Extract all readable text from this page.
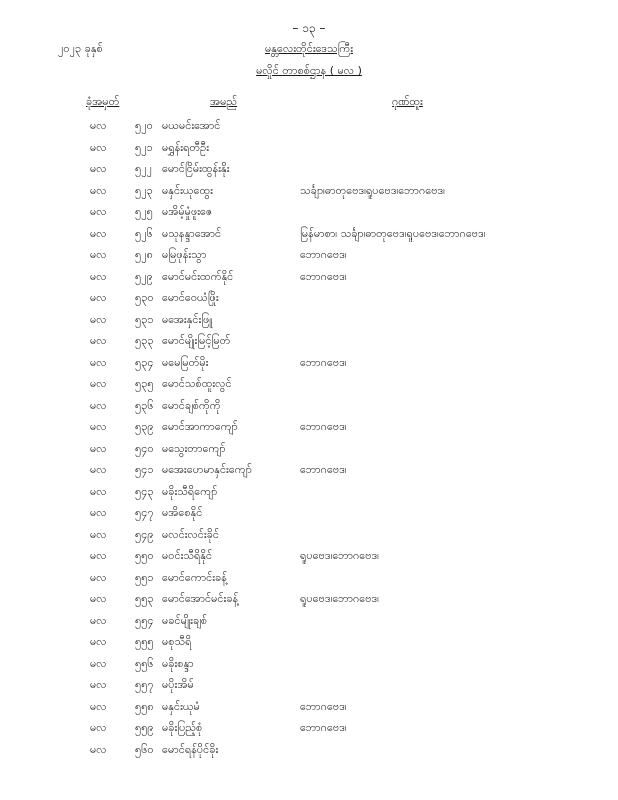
– ၁၃ –
၂၀၂၃ ခုနှစ်	မန္တလေးတိုင်းဒေသကြီး
မလှိုင် တာစစ်ဌာန ( မလ )
ခုံအမှတ်	အမည်	ဂုဏ်ထူး
မလ	၅၂၀ မယမင်းအောင်
မလ	၅၂၁ မရွှန်းရတီဦး
မလ	၅၂၂ မောင်ငြိမ်းထွန်းနိုး
မလ	၅၂၃ မနှင်းယုထွေး	သင်္ချာ၊ဓာတုဗေဒ၊ရူပဗေဒ၊ဘောဂဗေဒ၊
မလ	၅၂၅ မအိမ့်မှုံဖူးဇေ
မလ	၅၂၆ မသုနန္ဒာအောင်	မြန်မာစာ၊ သင်္ချာ၊ဓာတုဗေဒ၊ရူပဗေဒ၊ဘောဂဗေဒ၊
မလ	၅၂၈ မမြဖုန်းသွာ	ဘောဂဗေဒ၊
မလ	၅၂၉ မောင်မင်းထက်နိုင်	ဘောဂဗေဒ၊
မလ	၅၃၀ မောင်ဝေယံဖြိုး
မလ	၅၃၁ မအေးနှင်းဖြူ
မလ	၅၃၃ မောင်မျိုးမြင့်မြတ်
မလ	၅၃၄ မမေမြတ်မိုး	ဘောဂဗေဒ၊
မလ	၅၃၅ မောင်သစ်ထူးလွင်
မလ	၅၃၆ မောင်ချစ်ကိုကို
မလ	၅၃၉ မောင်အာကာကျော်	ဘောဂဗေဒ၊
မလ	၅၄၀ မသွေးတာကျော်
မလ	၅၄၁ မအေးဟေမာနှင်းကျော်	ဘောဂဗေဒ၊
မလ	၅၄၃ မခိုးသီရိကျော်
မလ	၅၄၇ မအိစေနိုင်
မလ	၅၄၉ မလင်းလင်းခိုင်
မလ	၅၅၀ မဝင်းသီရိနိုင်	ရူပဗေဒ၊ဘောဂဗေဒ၊
မလ	၅၅၁ မောင်ကောင်းခန့်
မလ	၅၅၃ မောင်အောင်မင်းခန့်	ရူပဗေဒ၊ဘောဂဗေဒ၊
မလ	၅၅၄ မခင်မျိုးချစ်
မလ	၅၅၅ မစုသီရိ
မလ	၅၅၆ မခိုးစန္ဒာ
မလ	၅၅၇ မပိုးအိမ်
မလ	၅၅၈ မနှင်းယုမံ	ဘောဂဗေဒ၊
မလ	၅၅၉ မခိုးပြည့်စုံ	ဘောဂဗေဒ၊
မလ	၅၆၀ မောင်ရန်ပိုင်ခိုး
